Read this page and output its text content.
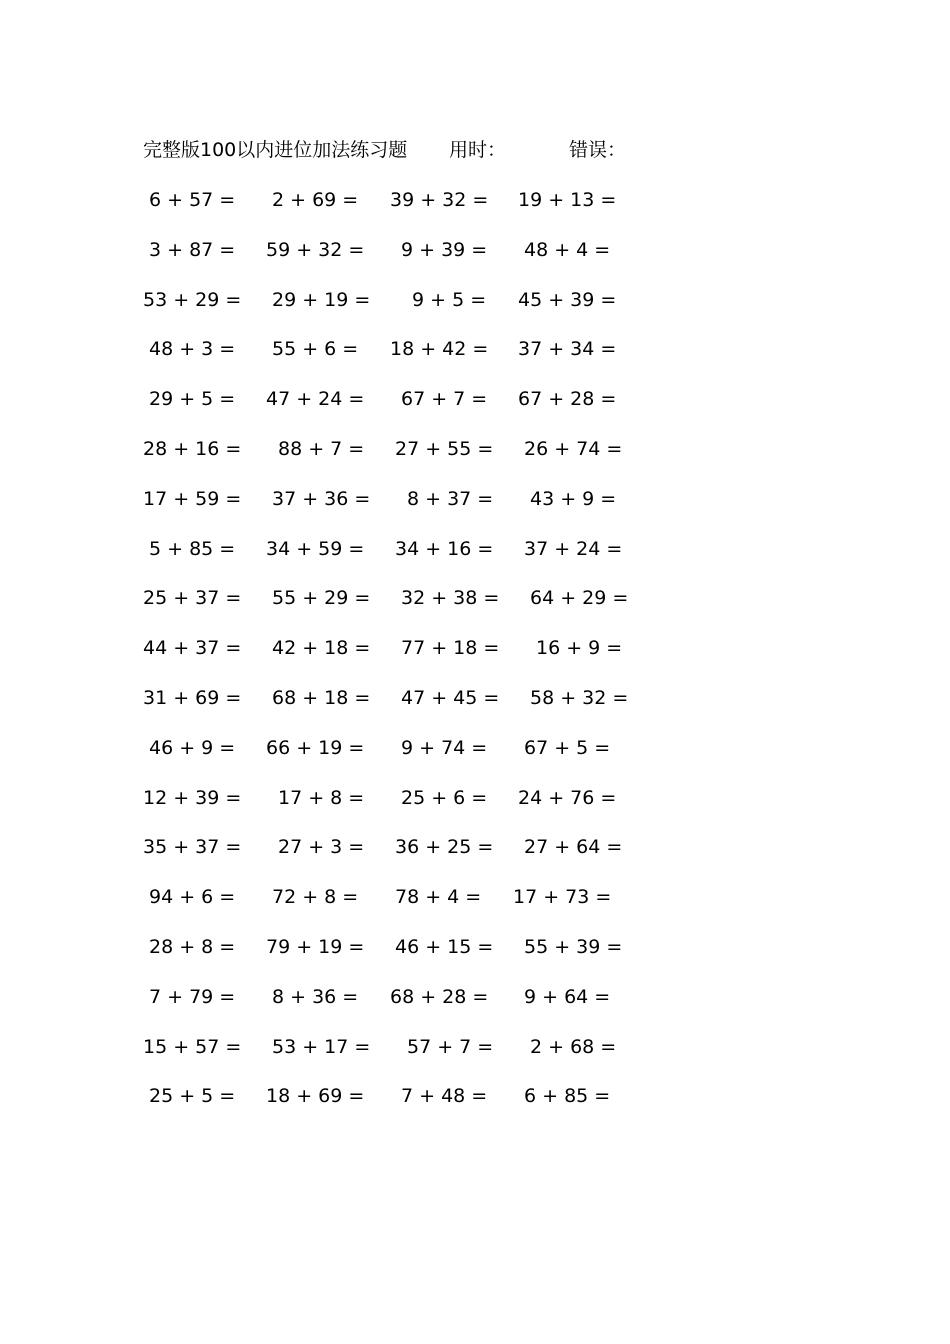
完整版100以内进位加法练习题 用时：	错误：
6 + 57 = 2 + 69 = 39 + 32 = 19 + 13 =
3 + 87 = 59 + 32 = 9 + 39 = 48 + 4 =
53 + 29 = 29 + 19 = 9 + 5 = 45 + 39 =
48 + 3 = 55 + 6 = 18 + 42 = 37 + 34 =
29 + 5 = 47 + 24 = 67 + 7 = 67 + 28 =
28 + 16 = 88 + 7 = 27 + 55 = 26 + 74 =
17 + 59 = 37 + 36 = 8 + 37 = 43 + 9 =
5 + 85 = 34 + 59 = 34 + 16 = 37 + 24 =
25 + 37 = 55 + 29 = 32 + 38 = 64 + 29 =
44 + 37 = 42 + 18 = 77 + 18 = 16 + 9 =
31 + 69 = 68 + 18 = 47 + 45 = 58 + 32 =
46 + 9 = 66 + 19 = 9 + 74 = 67 + 5 =
12 + 39 = 17 + 8 = 25 + 6 = 24 + 76 =
35 + 37 = 27 + 3 = 36 + 25 = 27 + 64 =
94 + 6 = 72 + 8 = 78 + 4 = 17 + 73 =
28 + 8 = 79 + 19 = 46 + 15 = 55 + 39 =
7 + 79 = 8 + 36 = 68 + 28 = 9 + 64 =
15 + 57 = 53 + 17 = 57 + 7 = 2 + 68 =
25 + 5 = 18 + 69 = 7 + 48 = 6 + 85 =
